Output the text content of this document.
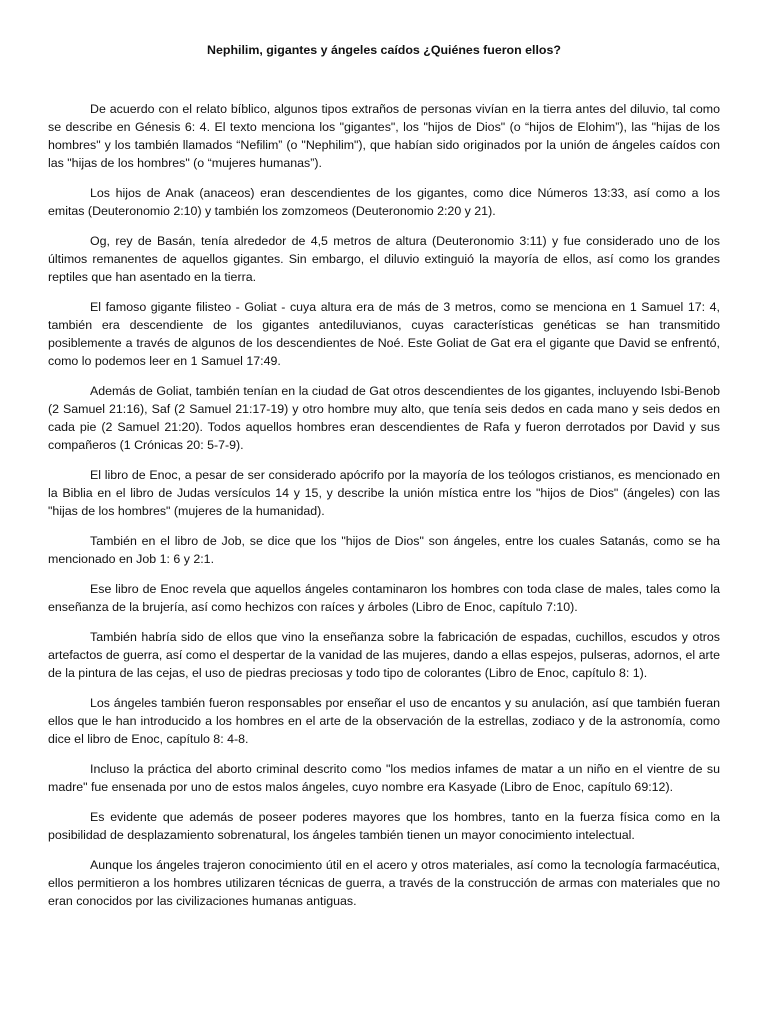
Nephilim, gigantes y ángeles caídos ¿Quiénes fueron ellos?

De acuerdo con el relato bíblico, algunos tipos extraños de personas vivían en la tierra antes del diluvio, tal como se describe en Génesis 6: 4. El texto menciona los "gigantes", los "hijos de Dios" (o “hijos de Elohim”), las "hijas de los hombres" y los también llamados “Nefilim” (o "Nephilim"), que habían sido originados por la unión de ángeles caídos con las "hijas de los hombres" (o “mujeres humanas”).

Los hijos de Anak (anaceos) eran descendientes de los gigantes, como dice Números 13:33, así como a los emitas (Deuteronomio 2:10) y también los zomzomeos (Deuteronomio 2:20 y 21).

Og, rey de Basán, tenía alrededor de 4,5 metros de altura (Deuteronomio 3:11) y fue considerado uno de los últimos remanentes de aquellos gigantes. Sin embargo, el diluvio extinguió la mayoría de ellos, así como los grandes reptiles que han asentado en la tierra.

El famoso gigante filisteo - Goliat - cuya altura era de más de 3 metros, como se menciona en 1 Samuel 17: 4, también era descendiente de los gigantes antediluvianos, cuyas características genéticas se han transmitido posiblemente a través de algunos de los descendientes de Noé. Este Goliat de Gat era el gigante que David se enfrentó, como lo podemos leer en 1 Samuel 17:49.

Además de Goliat, también tenían en la ciudad de Gat otros descendientes de los gigantes, incluyendo Isbi-Benob (2 Samuel 21:16), Saf (2 Samuel 21:17-19) y otro hombre muy alto, que tenía seis dedos en cada mano y seis dedos en cada pie (2 Samuel 21:20). Todos aquellos hombres eran descendientes de Rafa y fueron derrotados por David y sus compañeros (1 Crónicas 20: 5-7-9).

El libro de Enoc, a pesar de ser considerado apócrifo por la mayoría de los teólogos cristianos, es mencionado en la Biblia en el libro de Judas versículos 14 y 15, y describe la unión mística entre los "hijos de Dios" (ángeles) con las "hijas de los hombres" (mujeres de la humanidad).

También en el libro de Job, se dice que los "hijos de Dios" son ángeles, entre los cuales Satanás, como se ha mencionado en Job 1: 6 y 2:1.

Ese libro de Enoc revela que aquellos ángeles contaminaron los hombres con toda clase de males, tales como la enseñanza de la brujería, así como hechizos con raíces y árboles (Libro de Enoc, capítulo 7:10).

También habría sido de ellos que vino la enseñanza sobre la fabricación de espadas, cuchillos, escudos y otros artefactos de guerra, así como el despertar de la vanidad de las mujeres, dando a ellas espejos, pulseras, adornos, el arte de la pintura de las cejas, el uso de piedras preciosas y todo tipo de colorantes (Libro de Enoc, capítulo 8: 1).

Los ángeles también fueron responsables por enseñar el uso de encantos y su anulación, así que también fueran ellos que le han introducido a los hombres en el arte de la observación de la estrellas, zodiaco y de la astronomía, como dice el libro de Enoc, capítulo 8: 4-8.

Incluso la práctica del aborto criminal descrito como "los medios infames de matar a un niño en el vientre de su madre" fue ensenada por uno de estos malos ángeles, cuyo nombre era Kasyade (Libro de Enoc, capítulo 69:12).

Es evidente que además de poseer poderes mayores que los hombres, tanto en la fuerza física como en la posibilidad de desplazamiento sobrenatural, los ángeles también tienen un mayor conocimiento intelectual.

Aunque los ángeles trajeron conocimiento útil en el acero y otros materiales, así como la tecnología farmacéutica, ellos permitieron a los hombres utilizaren técnicas de guerra, a través de la construcción de armas con materiales que no eran conocidos por las civilizaciones humanas antiguas.
